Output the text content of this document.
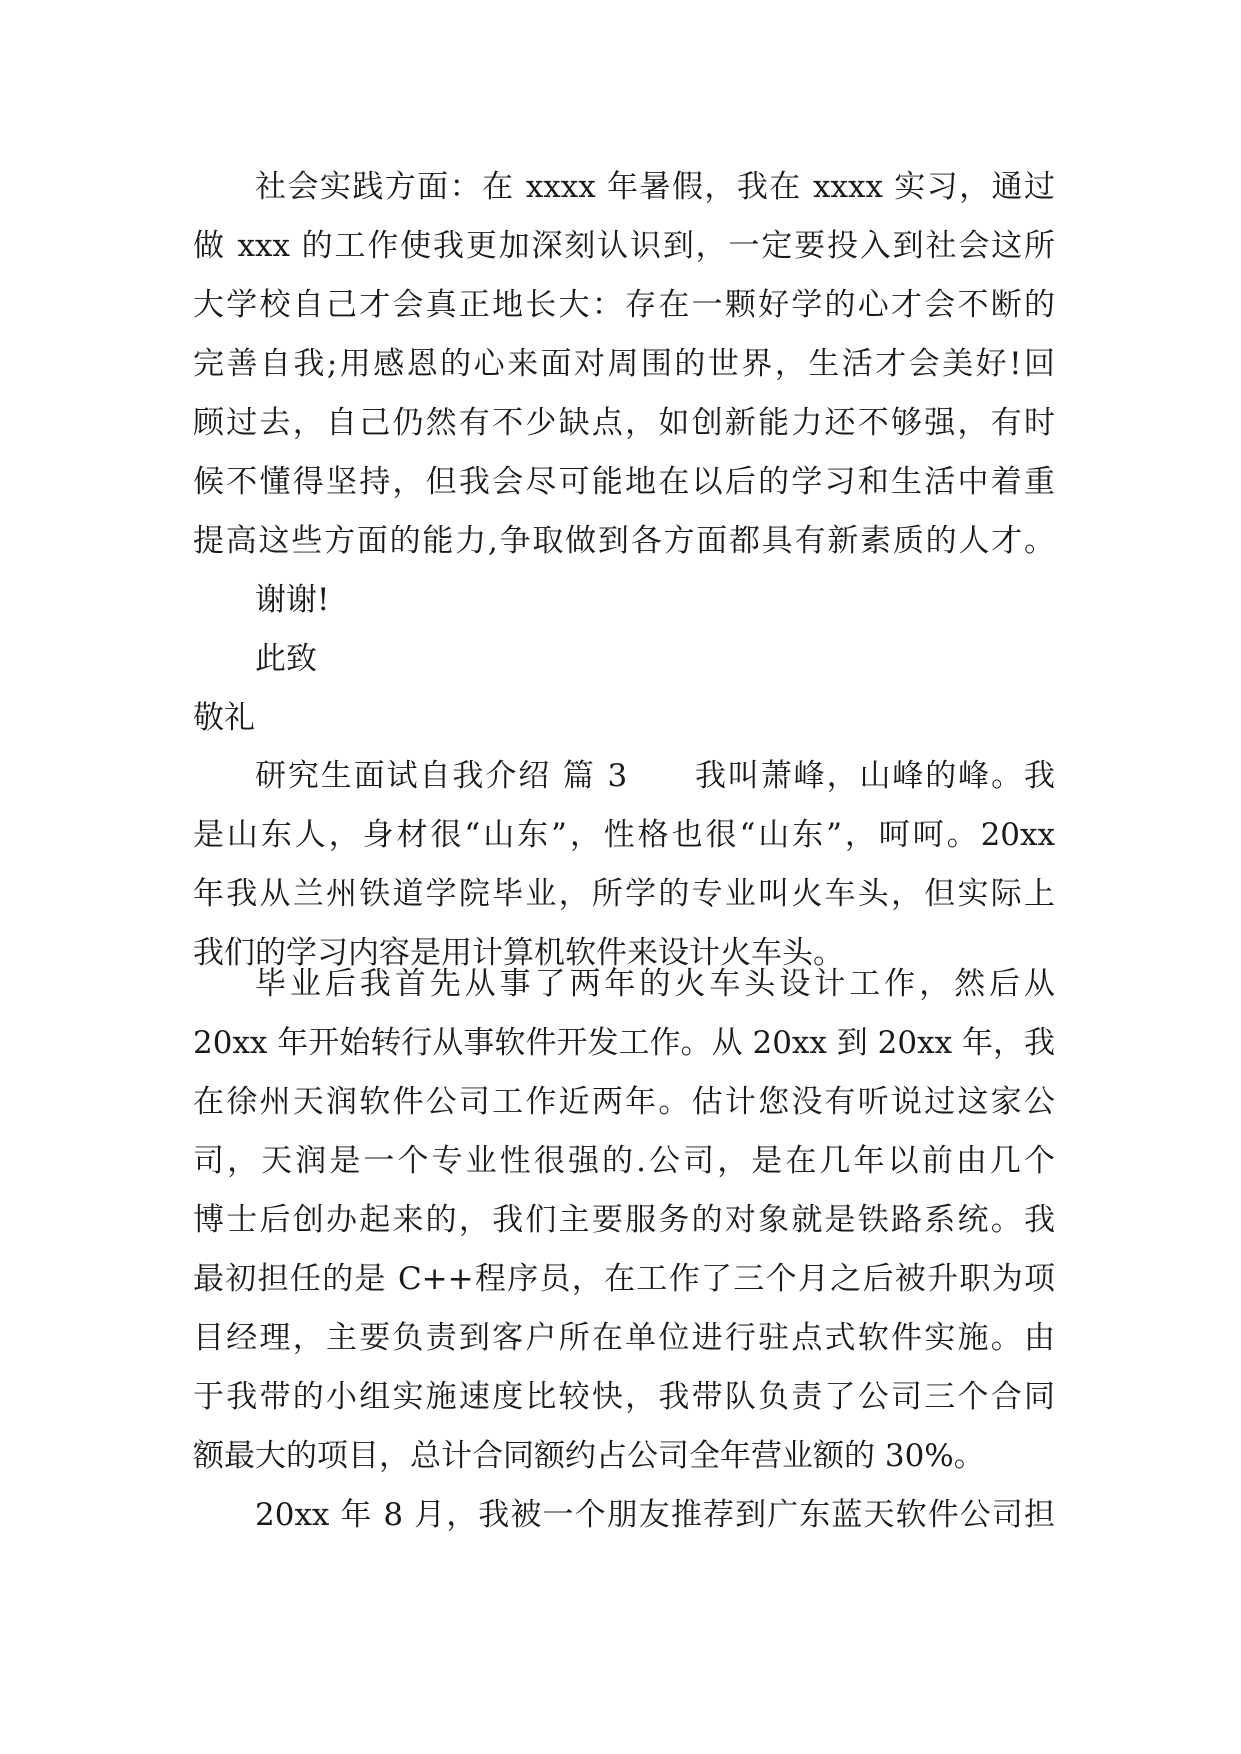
社会实践方面：在 xxxx 年暑假，我在 xxxx 实习，通过
做 xxx 的工作使我更加深刻认识到，一定要投入到社会这所
大学校自己才会真正地长大：存在一颗好学的心才会不断的
完善自我;用感恩的心来面对周围的世界，生活才会美好!回
顾过去，自己仍然有不少缺点，如创新能力还不够强，有时
候不懂得坚持，但我会尽可能地在以后的学习和生活中着重
提高这些方面的能力,争取做到各方面都具有新素质的人才。
谢谢!
此致
敬礼
研究生面试自我介绍 篇 3　　我叫萧峰，山峰的峰。我
是山东人，身材很“山东”，性格也很“山东”，呵呵。20xx
年我从兰州铁道学院毕业，所学的专业叫火车头，但实际上
我们的学习内容是用计算机软件来设计火车头。
毕业后我首先从事了两年的火车头设计工作，然后从
20xx 年开始转行从事软件开发工作。从 20xx 到 20xx 年，我
在徐州天润软件公司工作近两年。估计您没有听说过这家公
司，天润是一个专业性很强的.公司，是在几年以前由几个
博士后创办起来的，我们主要服务的对象就是铁路系统。我
最初担任的是 C++程序员，在工作了三个月之后被升职为项
目经理，主要负责到客户所在单位进行驻点式软件实施。由
于我带的小组实施速度比较快，我带队负责了公司三个合同
额最大的项目，总计合同额约占公司全年营业额的 30%。
20xx 年 8 月，我被一个朋友推荐到广东蓝天软件公司担
